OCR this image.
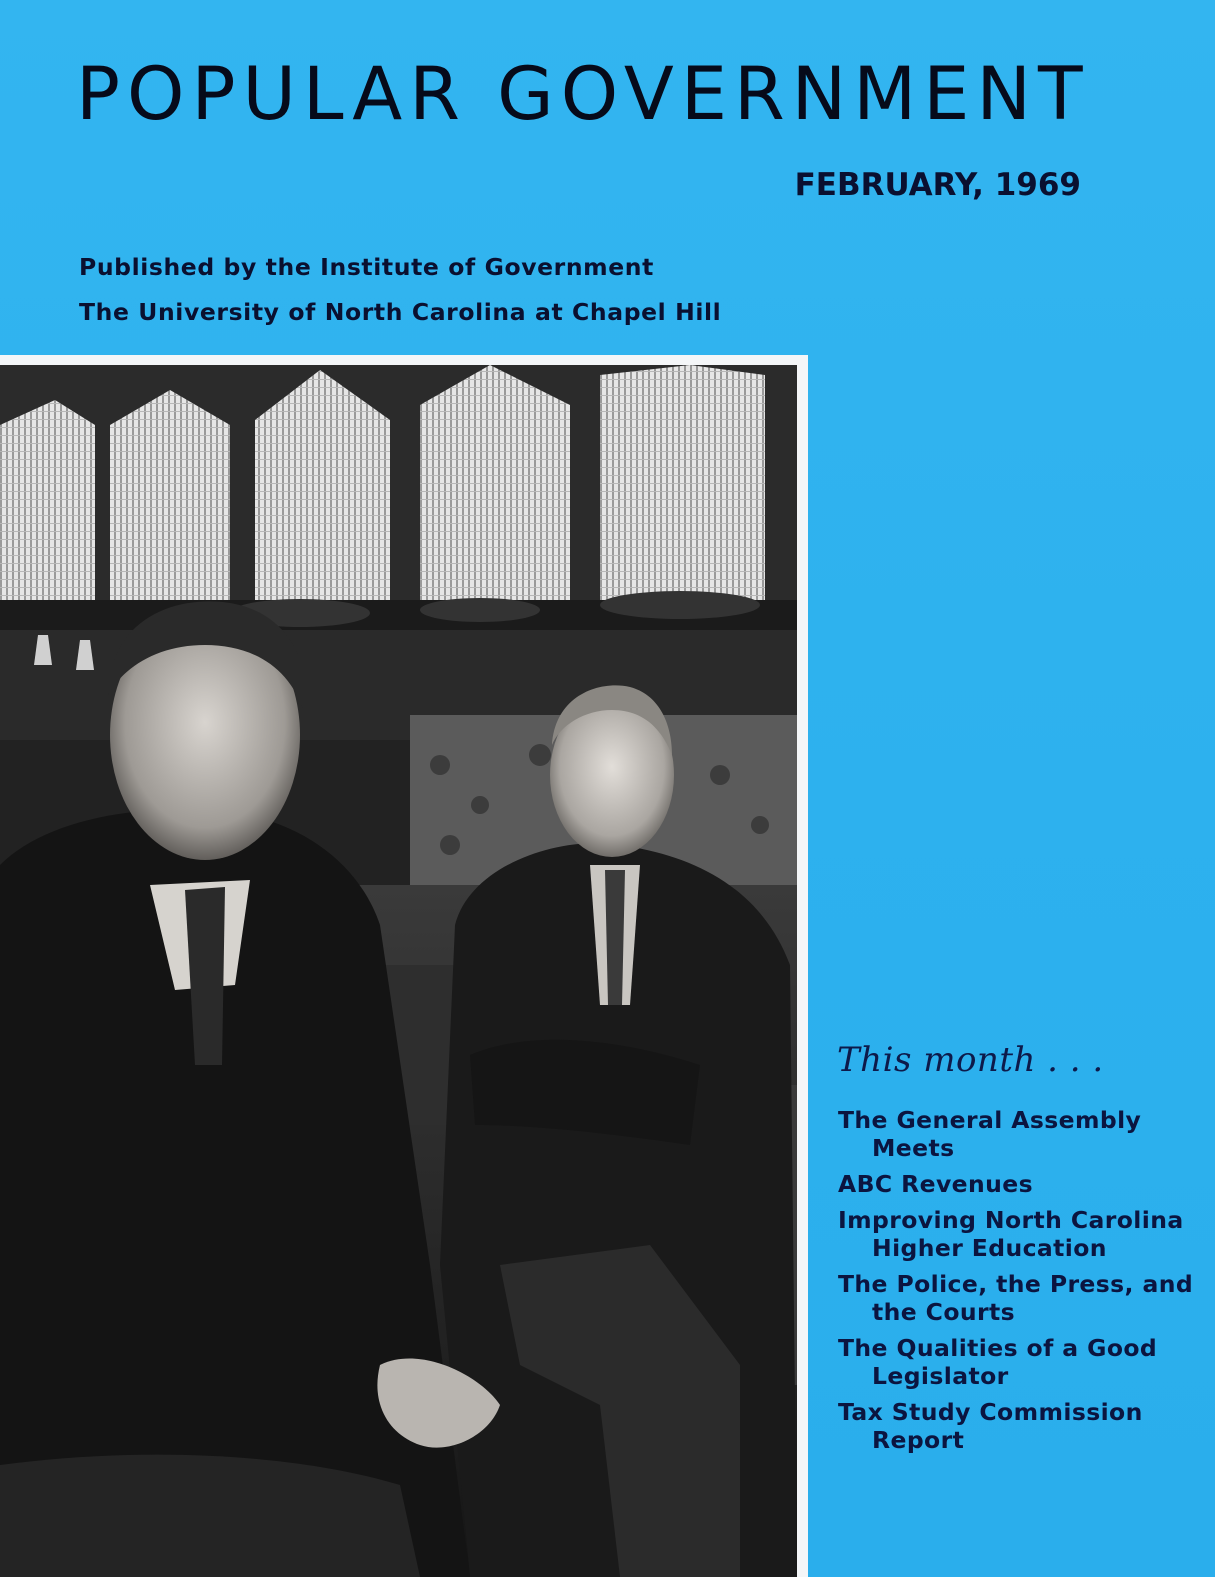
POPULAR GOVERNMENT
FEBRUARY, 1969
Published by the Institute of Government
The University of North Carolina at Chapel Hill
This month . . .
The General Assembly Meets
ABC Revenues
Improving North Carolina Higher Education
The Police, the Press, and the Courts
The Qualities of a Good Legislator
Tax Study Commission Report
